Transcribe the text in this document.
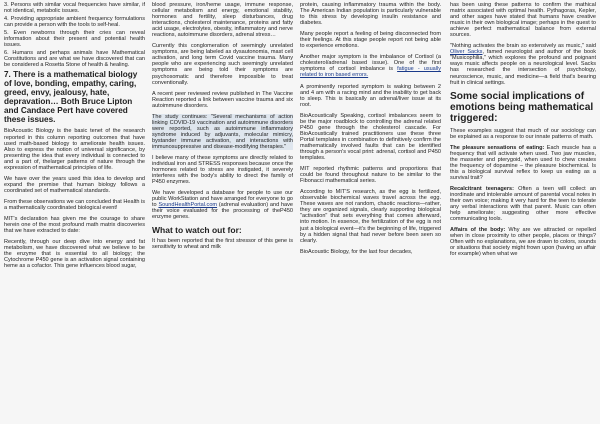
3. Persons with similar vocal frequencies have similar, if not identical, metabolic issues.

4. Providing appropriate ambient frequency formulations can provide a person with the tools to self-heal.

5. Even newborns through their cries can reveal information about their present and potential health issues.

6. Humans and perhaps animals have Mathematical Constitutions and are what we have discovered that can be considered a Rosetta Stone of health & healing.

7. There is a mathematical biology of love, bonding, empathy, caring, greed, envy, jealousy, hate, depravation… Both Bruce Lipton and Candace Pert have covered these issues.

BioAcoustic Biology is the basic tenet of the research reported in this column reporting outcomes that have used math-based biology to ameliorate health issues. Also to express the notion of universal significance, by presenting the idea that every individual is connected to and a part of, thelarger patterns of nature through the expression of mathematical principles of life.

We have over the years used this idea to develop and expand the premise that human biology follows a coordinated set of mathematical standards.

From these observations we can concluded that Health is a mathematically coordinated biological event!

MIT's declaration has given me the courage to share herein one of the most profound math matrix discoveries that we have extracted to date:

Recently, through our deep dive into energy and fat metabolism, we have discovered what we believe to be the enzyme that is essential to all biology; the Cytochrome P450 gene is an activation signal containing heme as a cofactor. This gene influences blood sugar,

blood pressure, iron/heme usage, immune response, cellular metabolism and energy, emotional stability, hormones and fertility, sleep disturbances, drug interactions, cholesterol maintenance, proteins and fatty acid usage, electrolytes, obesity, inflammatory and nerve reactions, autoimmune disorders, adrenal stress…

Currently this conglomeration of seemingly unrelated symptoms, are being labeled as dysautonomia, mast cell activation, and long term Covid vaccine trauma. Many people who are experiencing such seemingly unrelated symptoms are being told their symptoms are psychosomatic and therefore impossible to treat conventionally.

A recent peer reviewed review published in The Vaccine Reaction reported a link between vaccine trauma and six autoimmune disorders.

The study continues: "Several mechanisms of action linking COVID-19 vaccination and autoimmune disorders were reported, such as autoimmune inflammatory syndrome induced by adjuvants, molecular mimicry, bystander immune activation, and interactions with immunosuppressive and disease-modifying therapies."

I believe many of these symptoms are directly related to individual iron and STRESS responses because once the hormones related to stress are instigated, it severely interferes with the body's ability to direct the family of P450 enzymes.

We have developed a database for people to use our public WorkStation and have arranged for everyone to go to SoundHealthPortal.com (adrenal evaluation) and have their voice evaluated for the processing of theP450 enzyme genes.

What to watch out for:

It has been reported that the first stressor of this gene is sensitivity to wheat and milk

protein, causing inflammatory trauma within the body. The American Indian population is particularly vulnerable to this stress by developing insulin resistance and diabetes.

Many people report a feeling of being disconnected from their feelings. At this stage people report not being able to experience emotions.

Another major symptom is the imbalance of Cortisol (a cholesterol/adrenal based issue). One of the first symptoms of cortisol imbalance is fatigue - usually related to iron based errors.

A prominently reported symptom is waking between 2 and 4 am with a racing mind and the inability to get back to sleep. This is basically an adrenal/liver issue at its root.

BioAcoustically Speaking, cortisol imbalances seem to be the major roadblock to controlling the adrenal related P450 gene through the cholesterol cascade. For BioAcoustically trained practitioners use these three Portal templates in combination to definitively confirm the mathematically involved faults that can be identified through a person's vocal print: adrenal, cortisol and P450 templates.

MIT reported rhythmic patterns and proportions that could be found throughout nature to be similar to the Fibonacci mathematical series.

According to MIT'S research, as the egg is fertilized, observable biochemical waves travel across the egg. These waves are not random, chaotic reactions—rather, they are organized signals, clearly supporting biological "activation" that sets everything that comes afterward, into motion. In essence, the fertilization of the egg is not just a biological event—it's the beginning of life, triggered by a hidden signal that had never before been seen so clearly.

BioAcoustic Biology, for the last four decades,

has been using these patterns to confirm the mathical matrix associated with optimal health. Pythagoras, Kepler, and other sages have stated that humans have creative music in their own biological image; perhaps in the quest to achieve perfect mathematical balance from external sources.

"Nothing activates the brain so extensively as music," said Oliver Sacks, famed neurologist and author of the book "Musicophilia," which explores the profound and poignant ways music affects people on a neurological level. Sacks has researched the intersection of psychology, neuroscience, music, and medicine—a field that's bearing fruit in clinical settings.

Some social implications of emotions being mathematical triggered:

These examples suggest that much of our sociology can be explained as a response to our innate patterns of math.

The pleasure sensations of eating: Each muscle has a frequency that will activate when used. Two jaw muscles, the masseter and pterygoid, when used to chew creates the frequency of dopamine – the pleasure biochemical. Is this a biological survival reflex to keep us eating as a survival trait?

Recalcitrant teenagers: Often a teen will collect an inordinate and intolerable amount of parental vocal notes in their own voice; making it very hard for the teen to tolerate any verbal interactions with that parent. Music can often help ameliorate; suggesting other more effective communicating tools.

Affairs of the body: Why are we attracted or repelled when in close proximity to other people, places or things? Often with no explanations, we are drawn to colors, sounds or situations that society might frown upon (having an affair for example) when what we
